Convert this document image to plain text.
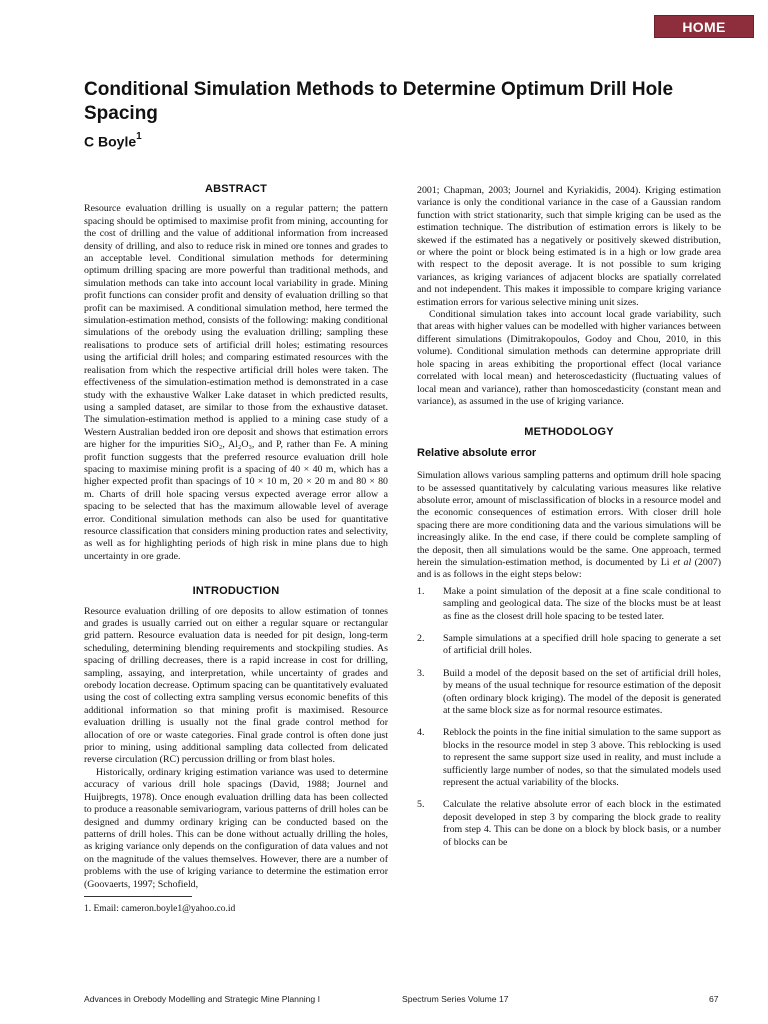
HOME
Conditional Simulation Methods to Determine Optimum Drill Hole Spacing

C Boyle$^1$

ABSTRACT

Resource evaluation drilling is usually on a regular pattern; the pattern spacing should be optimised to maximise profit from mining, accounting for the cost of drilling and the value of additional information from increased density of drilling, and also to reduce risk in mined ore tonnes and grades to an acceptable level. Conditional simulation methods for determining optimum drilling spacing are more powerful than traditional methods, and simulation methods can take into account local variability in grade. Mining profit functions can consider profit and density of evaluation drilling so that profit can be maximised. A conditional simulation method, here termed the simulation-estimation method, consists of the following: making conditional simulations of the orebody using the evaluation drilling; sampling these realisations to produce sets of artificial drill holes; estimating resources using the artificial drill holes; and comparing estimated resources with the realisation from which the respective artificial drill holes were taken. The effectiveness of the simulation-estimation method is demonstrated in a case study with the exhaustive Walker Lake dataset in which predicted results, using a sampled dataset, are similar to those from the exhaustive dataset. The simulation-estimation method is applied to a mining case study of a Western Australian bedded iron ore deposit and shows that estimation errors are higher for the impurities SiO₂, Al₂O₃, and P, rather than Fe. A mining profit function suggests that the preferred resource evaluation drill hole spacing to maximise mining profit is a spacing of 40 × 40 m, which has a higher expected profit than spacings of 10 × 10 m, 20 × 20 m and 80 × 80 m. Charts of drill hole spacing versus expected average error allow a spacing to be selected that has the maximum allowable level of average error. Conditional simulation methods can also be used for quantitative resource classification that considers mining production rates and selectivity, as well as for highlighting periods of high risk in mine plans due to high uncertainty in ore grade.

INTRODUCTION

Resource evaluation drilling of ore deposits to allow estimation of tonnes and grades is usually carried out on either a regular square or rectangular grid pattern. Resource evaluation data is needed for pit design, long-term scheduling, determining blending requirements and stockpiling studies. As spacing of drilling decreases, there is a rapid increase in cost for drilling, sampling, assaying, and interpretation, while uncertainty of grades and orebody location decrease. Optimum spacing can be quantitatively evaluated using the cost of collecting extra sampling versus economic benefits of this additional information so that mining profit is maximised. Resource evaluation drilling is usually not the final grade control method for allocation of ore or waste categories. Final grade control is often done just prior to mining, using additional sampling data collected from delicated reverse circulation (RC) percussion drilling or from blast holes.

Historically, ordinary kriging estimation variance was used to determine accuracy of various drill hole spacings (David, 1988; Journel and Huijbregts, 1978). Once enough evaluation drilling data has been collected to produce a reasonable semivariogram, various patterns of drill holes can be designed and dummy ordinary kriging can be conducted based on the patterns of drill holes. This can be done without actually drilling the holes, as kriging variance only depends on the configuration of data values and not on the magnitude of the values themselves. However, there are a number of problems with the use of kriging variance to determine the estimation error (Goovaerts, 1997; Schofield,

2001; Chapman, 2003; Journel and Kyriakidis, 2004). Kriging estimation variance is only the conditional variance in the case of a Gaussian random function with strict stationarity, such that simple kriging can be used as the estimation technique. The distribution of estimation errors is likely to be skewed if the estimated has a negatively or positively skewed distribution, or where the point or block being estimated is in a high or low grade area with respect to the deposit average. It is not possible to sum kriging variances, as kriging variances of adjacent blocks are spatially correlated and not independent. This makes it impossible to compare kriging variance estimation errors for various selective mining unit sizes.

Conditional simulation takes into account local grade variability, such that areas with higher values can be modelled with higher variances between different simulations (Dimitrakopoulos, Godoy and Chou, 2010, in this volume). Conditional simulation methods can determine appropriate drill hole spacing in areas exhibiting the proportional effect (local variance correlated with local mean) and heteroscedasticity (fluctuating values of local mean and variance), rather than homoscedasticity (constant mean and variance), as assumed in the use of kriging variance.

METHODOLOGY
Relative absolute error

Simulation allows various sampling patterns and optimum drill hole spacing to be assessed quantitatively by calculating various measures like relative absolute error, amount of misclassification of blocks in a resource model and the economic consequences of estimation errors. With closer drill hole spacing there are more conditioning data and the various simulations will be increasingly alike. In the end case, if there could be complete sampling of the deposit, then all simulations would be the same. One approach, termed herein the simulation-estimation method, is documented by Li et al (2007) and is as follows in the eight steps below:

1.	Make a point simulation of the deposit at a fine scale conditional to sampling and geological data. The size of the blocks must be at least as fine as the closest drill hole spacing to be tested later.
2.	Sample simulations at a specified drill hole spacing to generate a set of artificial drill holes.
3.	Build a model of the deposit based on the set of artificial drill holes, by means of the usual technique for resource estimation of the deposit (often ordinary block kriging). The model of the deposit is generated at the same block size as for normal resource estimates.
4.	Reblock the points in the fine initial simulation to the same support as blocks in the resource model in step 3 above. This reblocking is used to represent the same support size used in reality, and must include a sufficiently large number of nodes, so that the simulated models used represent the actual variability of the blocks.
5.	Calculate the relative absolute error of each block in the estimated deposit developed in step 3 by comparing the block grade to reality from step 4. This can be done on a block by block basis, or a number of blocks can be
1. Email: cameron.boyle1@yahoo.co.id
Advances in Orebody Modelling and Strategic Mine Planning I	Spectrum Series Volume 17	67
